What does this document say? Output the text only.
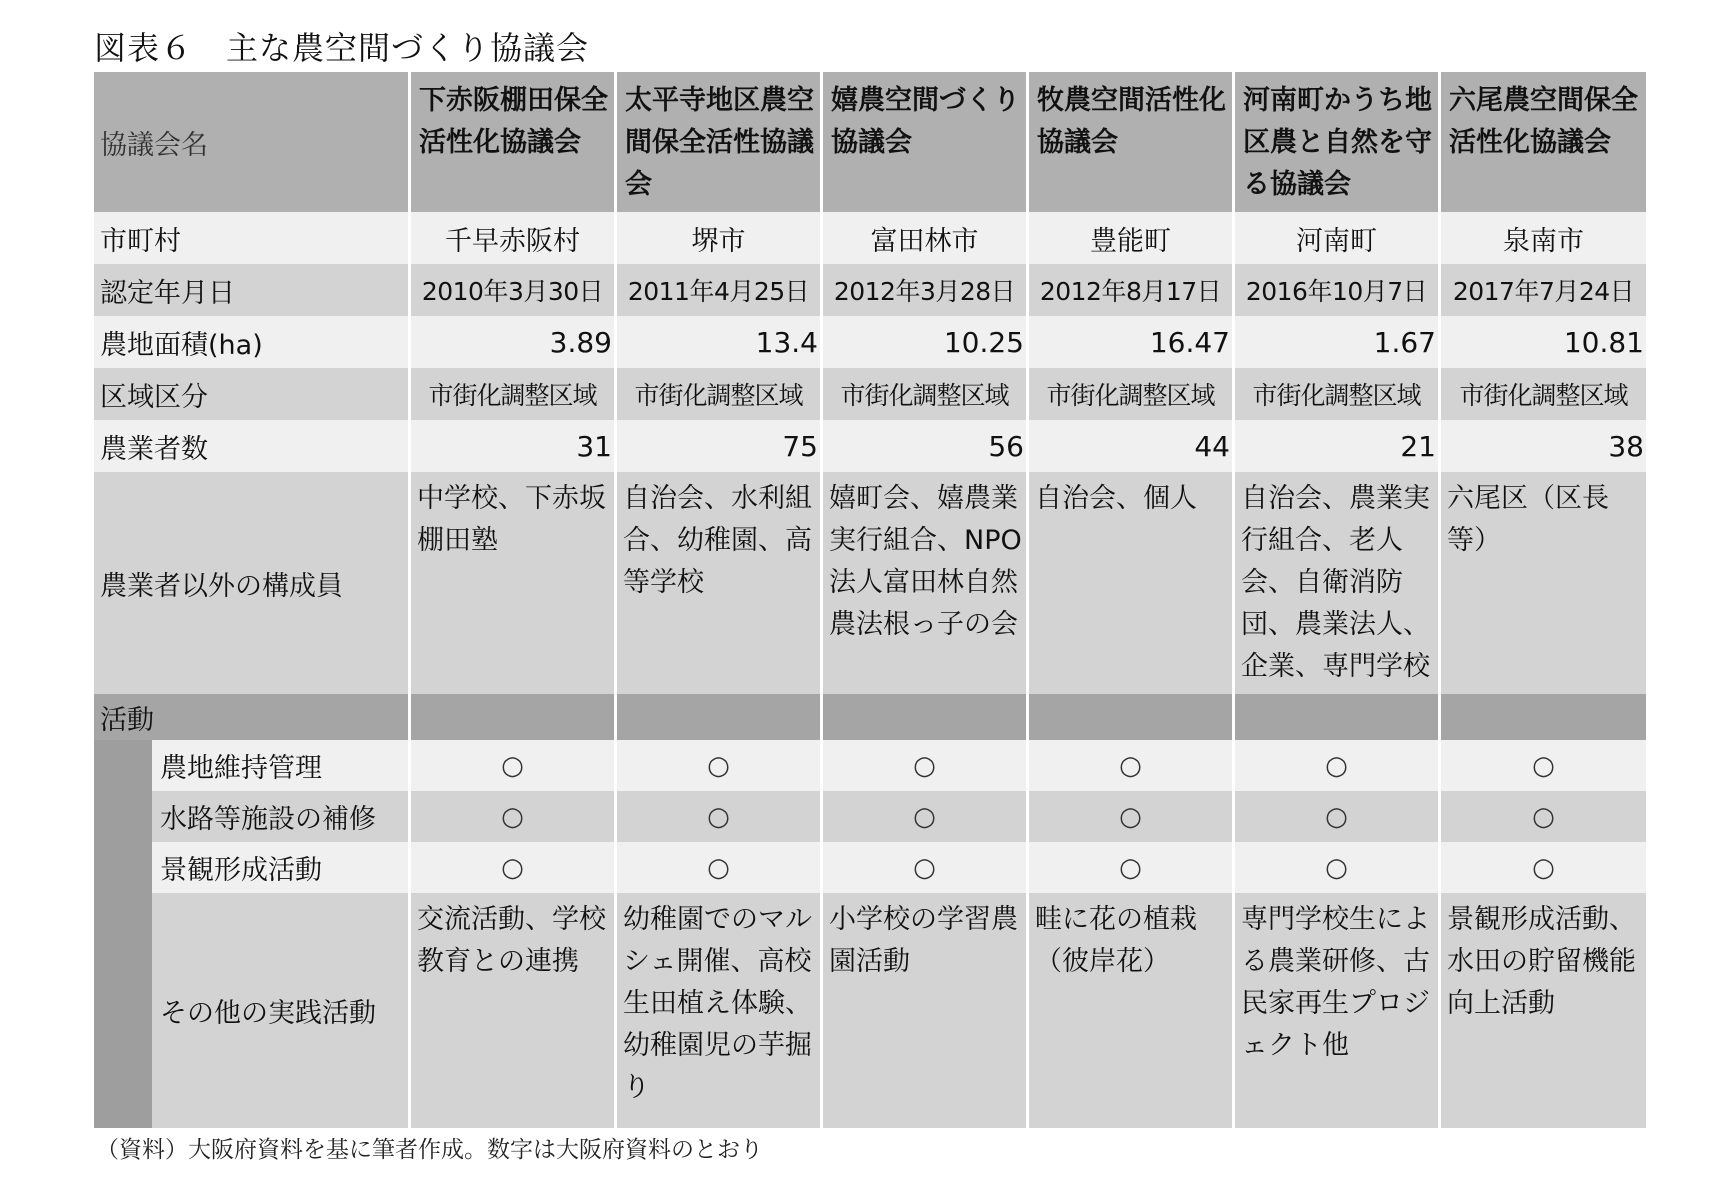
図表６　主な農空間づくり協議会
協議会名		下赤阪棚田保全活性化協議会	太平寺地区農空間保全活性協議会	嬉農空間づくり協議会	牧農空間活性化協議会	河南町かうち地区農と自然を守る協議会	六尾農空間保全活性化協議会
市町村		千早赤阪村	堺市	富田林市	豊能町	河南町	泉南市
認定年月日		2010年3月30日	2011年4月25日	2012年3月28日	2012年8月17日	2016年10月7日	2017年7月24日
農地面積(ha)		3.89	13.4	10.25	16.47	1.67	10.81
区域区分		市街化調整区域	市街化調整区域	市街化調整区域	市街化調整区域	市街化調整区域	市街化調整区域
農業者数		31	75	56	44	21	38
農業者以外の構成員		中学校、下赤坂棚田塾	自治会、水利組合、幼稚園、高等学校	嬉町会、嬉農業実行組合、NPO法人富田林自然農法根っ子の会	自治会、個人	自治会、農業実行組合、老人会、自衛消防団、農業法人、企業、専門学校	六尾区（区長等）
活動							
	農地維持管理	○	○	○	○	○	○
	水路等施設の補修	○	○	○	○	○	○
	景観形成活動	○	○	○	○	○	○
	その他の実践活動	交流活動、学校教育との連携	幼稚園でのマルシェ開催、高校生田植え体験、幼稚園児の芋掘り	小学校の学習農園活動	畦に花の植栽（彼岸花）	専門学校生による農業研修、古民家再生プロジェクト他	景観形成活動、水田の貯留機能向上活動
（資料）大阪府資料を基に筆者作成。数字は大阪府資料のとおり
